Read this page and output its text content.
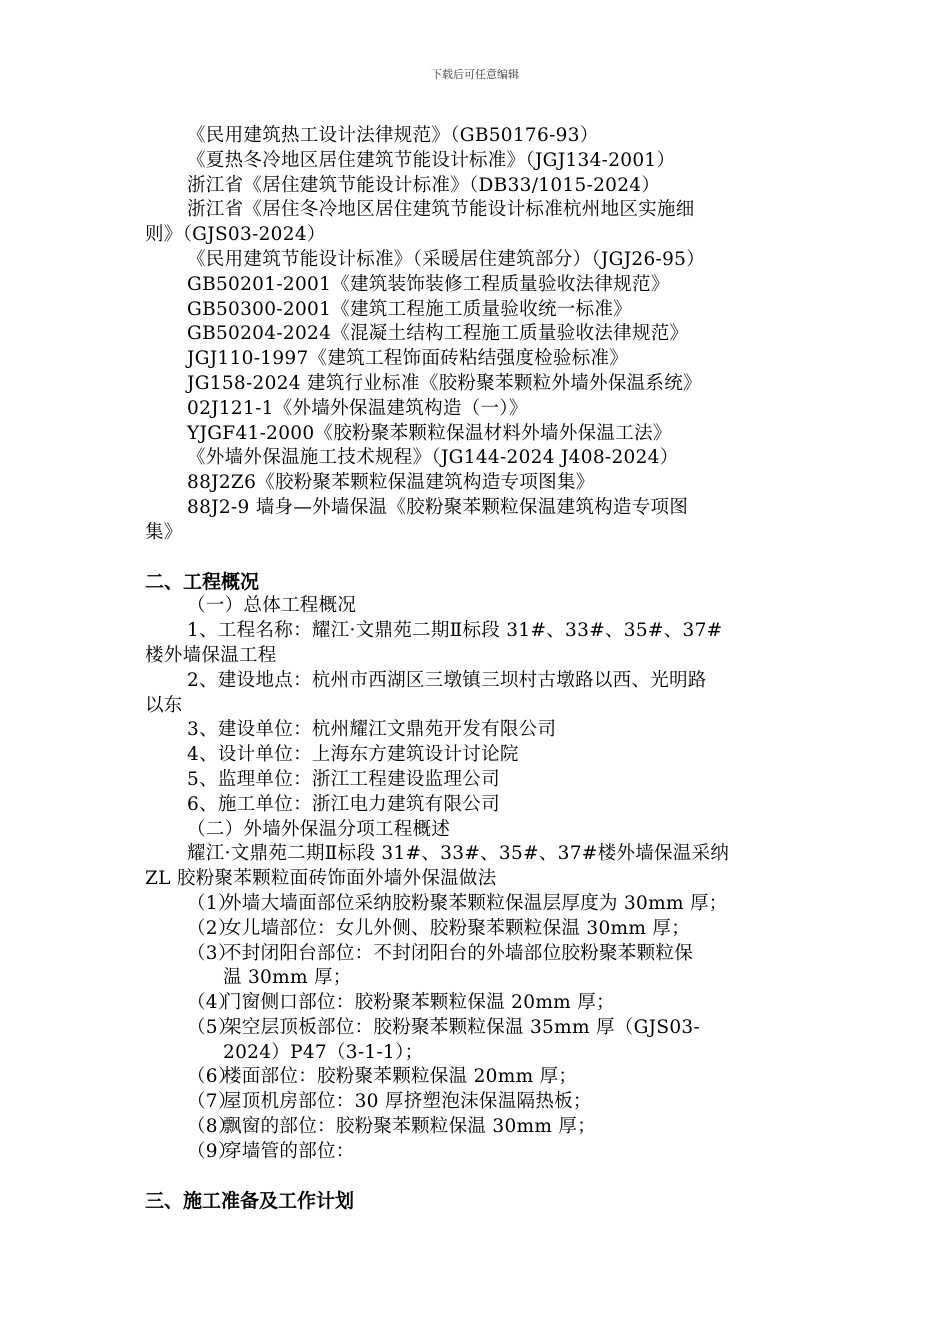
下载后可任意编辑
《民用建筑热工设计法律规范》（GB50176-93）
《夏热冬冷地区居住建筑节能设计标准》（JGJ134-2001）
浙江省《居住建筑节能设计标准》（DB33/1015-2024）
浙江省《居住冬冷地区居住建筑节能设计标准杭州地区实施细
则》（GJS03-2024）
《民用建筑节能设计标准》（采暖居住建筑部分）（JGJ26-95）
GB50201-2001《建筑装饰装修工程质量验收法律规范》
GB50300-2001《建筑工程施工质量验收统一标准》
GB50204-2024《混凝土结构工程施工质量验收法律规范》
JGJ110-1997《建筑工程饰面砖粘结强度检验标准》
JG158-2024 建筑行业标准《胶粉聚苯颗粒外墙外保温系统》
02J121-1《外墙外保温建筑构造（一）》
YJGF41-2000《胶粉聚苯颗粒保温材料外墙外保温工法》
《外墙外保温施工技术规程》（JG144-2024 J408-2024）
88J2Z6《胶粉聚苯颗粒保温建筑构造专项图集》
88J2-9 墙身—外墙保温《胶粉聚苯颗粒保温建筑构造专项图
集》
二、工程概况
（一）总体工程概况
1、工程名称：耀江·文鼎苑二期Ⅱ标段 31#、33#、35#、37#
楼外墙保温工程
2、建设地点：杭州市西湖区三墩镇三坝村古墩路以西、光明路
以东
3、建设单位：杭州耀江文鼎苑开发有限公司
4、设计单位：上海东方建筑设计讨论院
5、监理单位：浙江工程建设监理公司
6、施工单位：浙江电力建筑有限公司
（二）外墙外保温分项工程概述
耀江·文鼎苑二期Ⅱ标段 31#、33#、35#、37#楼外墙保温采纳
ZL 胶粉聚苯颗粒面砖饰面外墙外保温做法
（1）
外墙大墙面部位采纳胶粉聚苯颗粒保温层厚度为 30mm 厚；
（2）
女儿墙部位：女儿外侧、胶粉聚苯颗粒保温 30mm 厚；
（3）
不封闭阳台部位：不封闭阳台的外墙部位胶粉聚苯颗粒保
温 30mm 厚；
（4）
门窗侧口部位：胶粉聚苯颗粒保温 20mm 厚；
（5）
架空层顶板部位：胶粉聚苯颗粒保温 35mm 厚（GJS03-
2024）P47（3-1-1）；
（6）
楼面部位：胶粉聚苯颗粒保温 20mm 厚；
（7）
屋顶机房部位：30 厚挤塑泡沫保温隔热板；
（8）
飘窗的部位：胶粉聚苯颗粒保温 30mm 厚；
（9）
穿墙管的部位：
三、施工准备及工作计划
